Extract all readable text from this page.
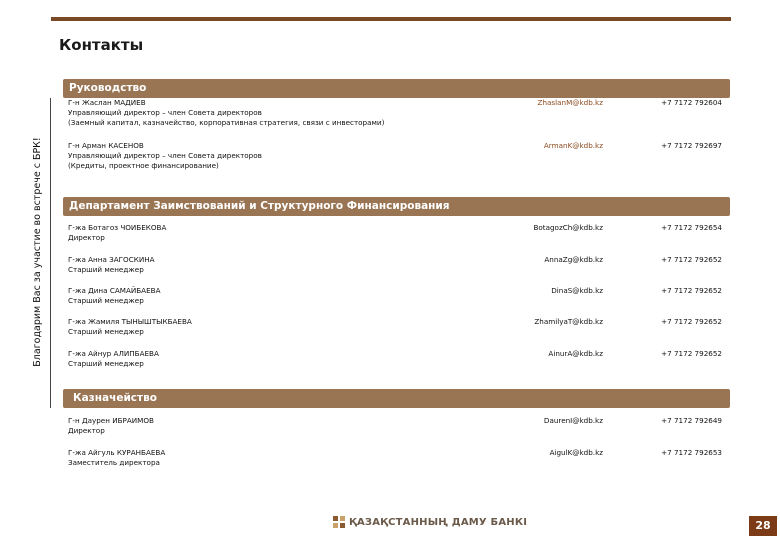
Контакты
Благодарим Вас за участие во встрече с БРК!
Руководство
Г-н Жаслан МАДИЕВ
Управляющий директор – член Совета директоров
(Заемный капитал, казначейство, корпоративная стратегия, связи с инвесторами)
ZhaslanM@kdb.kz	+7 7172 792604
Г-н Арман КАСЕНОВ
Управляющий директор – член Совета директоров
(Кредиты, проектное финансирование)
ArmanK@kdb.kz	+7 7172 792697
Департамент Заимствований и Структурного Финансирования
Г-жа Ботагоз ЧОИБЕКОВА
Директор
BotagozCh@kdb.kz	+7 7172 792654
Г-жа Анна ЗАГОСКИНА
Старший менеджер
AnnaZg@kdb.kz	+7 7172 792652
Г-жа Дина САМАЙБАЕВА
Старший менеджер
DinaS@kdb.kz	+7 7172 792652
Г-жа Жамиля ТЫНЫШТЫКБАЕВА
Старший менеджер
ZhamilyaT@kdb.kz	+7 7172 792652
Г-жа Айнур АЛИПБАЕВА
Старший менеджер
AinurA@kdb.kz	+7 7172 792652
Казначейство
Г-н Даурен ИБРАИМОВ
Директор
DaurenI@kdb.kz	+7 7172 792649
Г-жа Айгуль КУРАНБАЕВА
Заместитель директора
AigulK@kdb.kz	+7 7172 792653
ҚАЗАҚСТАННЫҢ ДАМУ БАНКІ	28
